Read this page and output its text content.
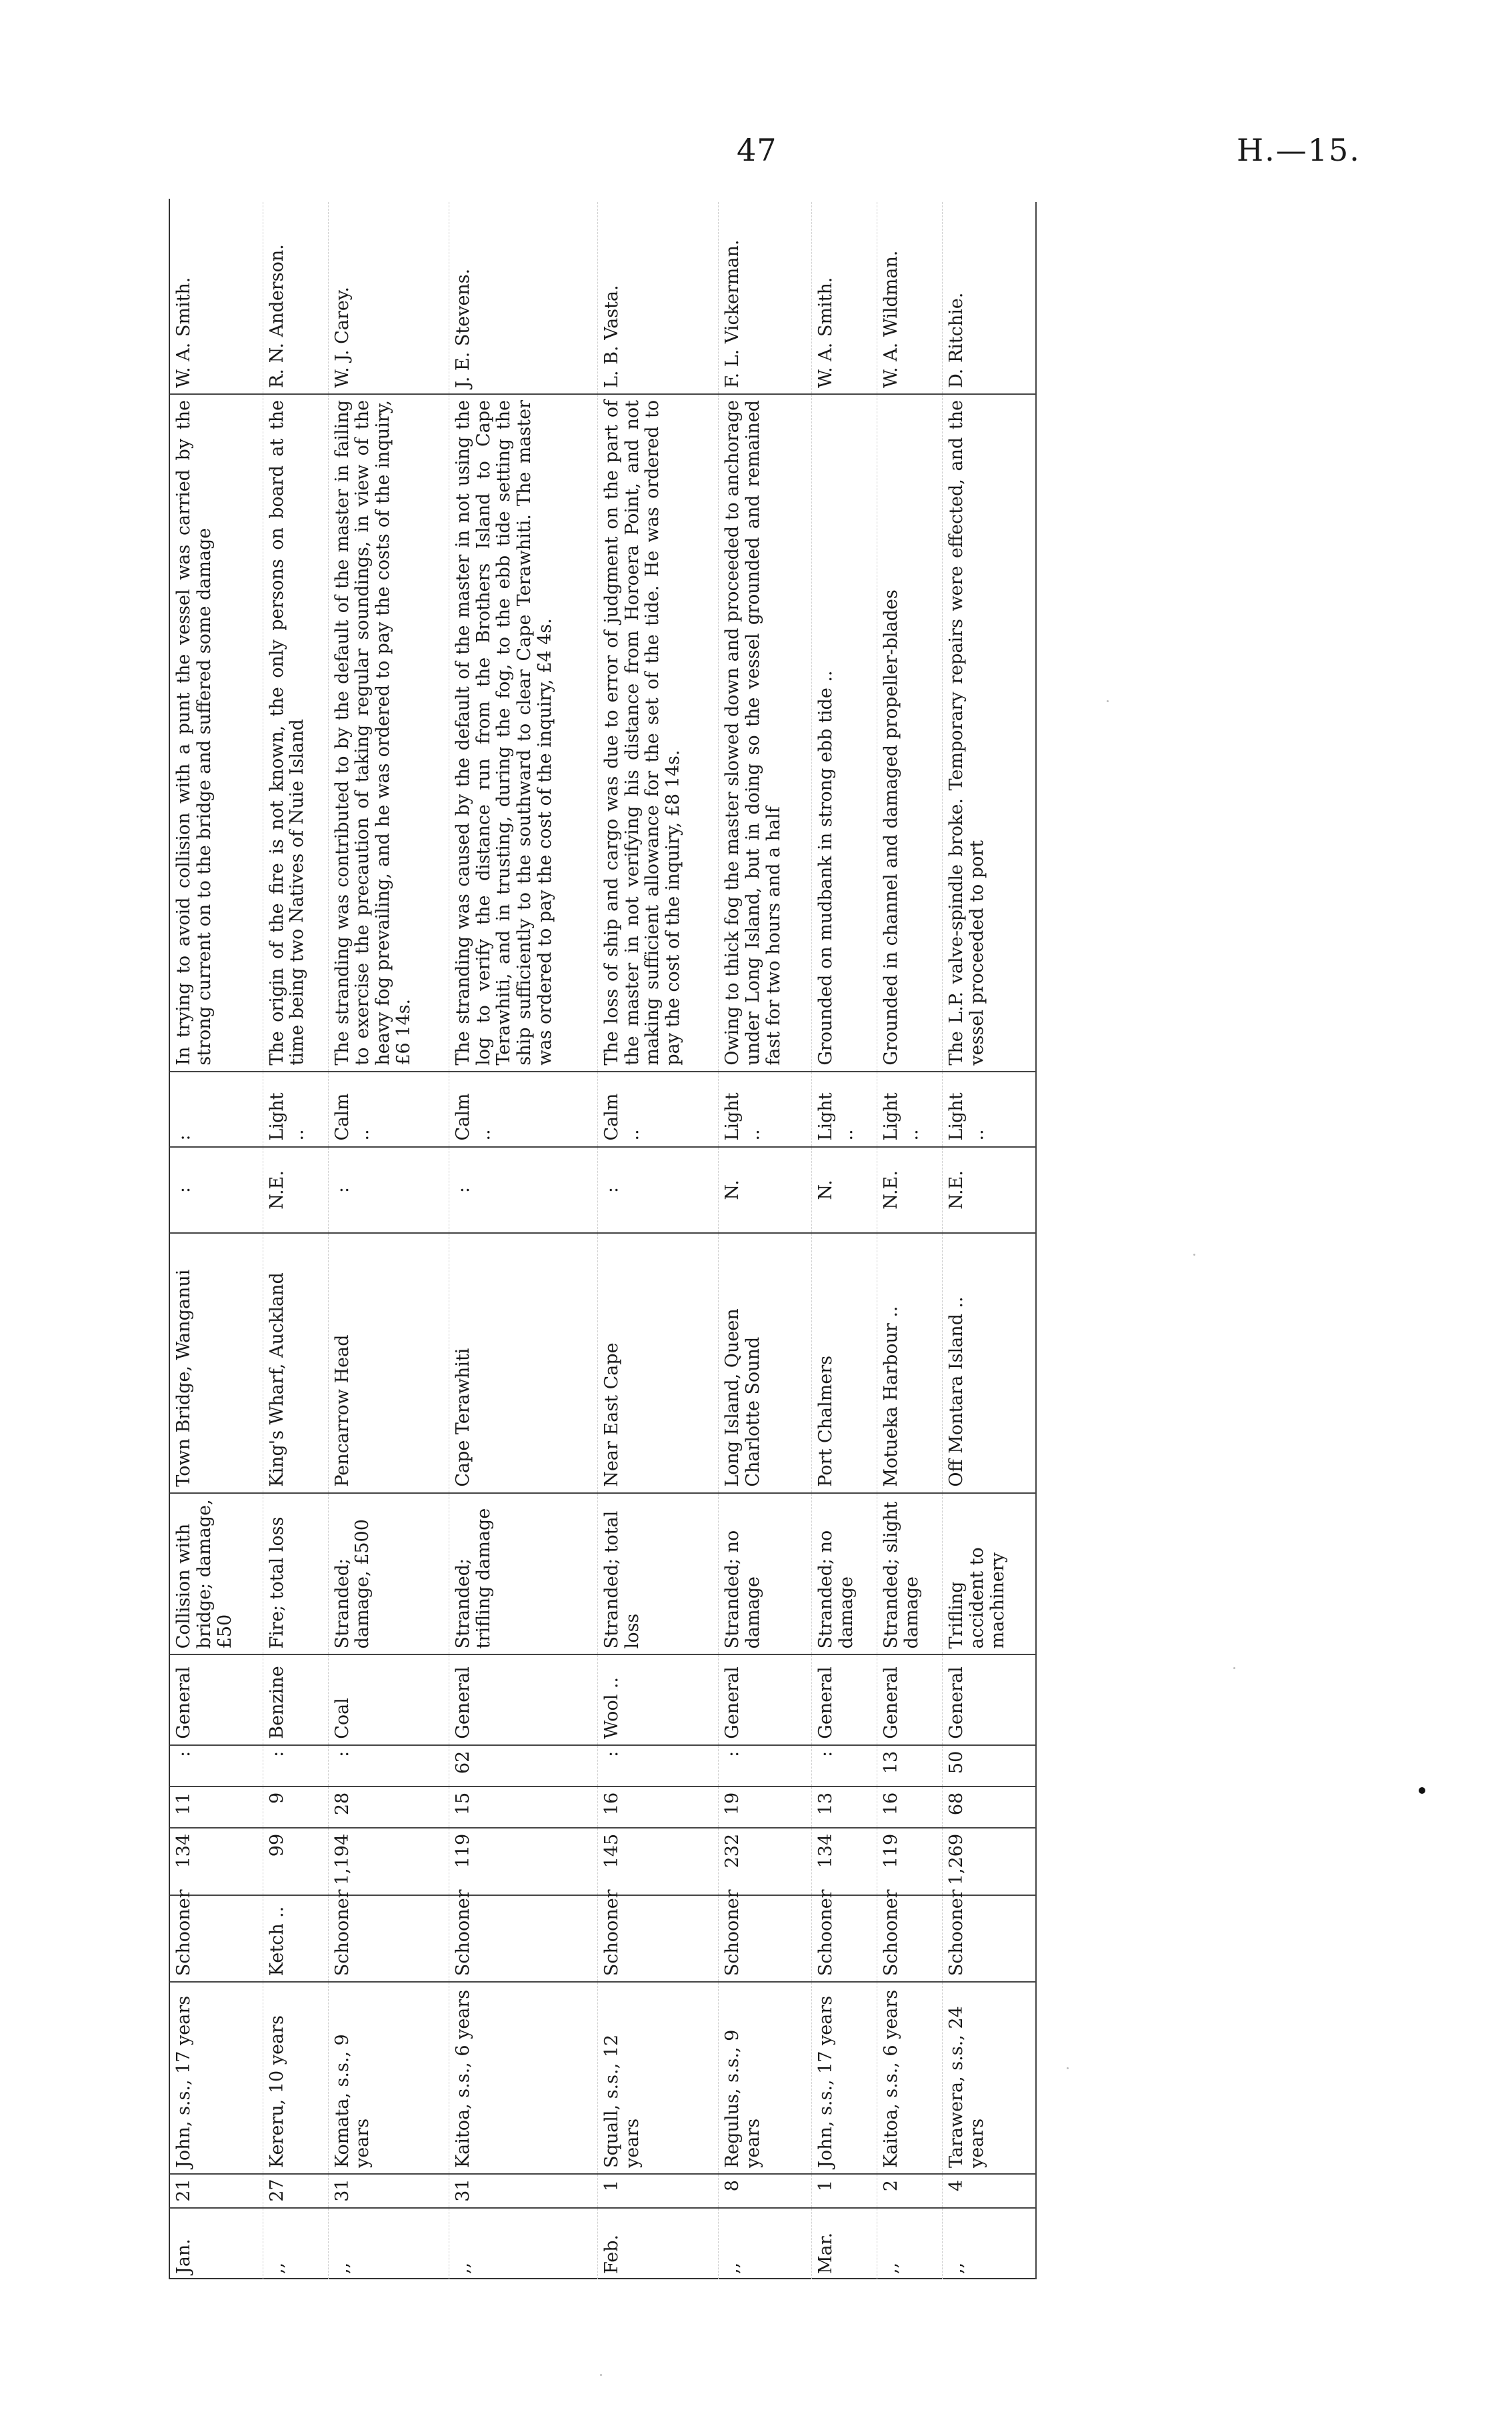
47	H.—15.
Jan.	21	John, s.s., 17 years	Schooner	134	11	:	General	Collision with bridge; damage, £50	Town Bridge, Wanganui	:	:	In trying to avoid collision with a punt the vessel was carried by the strong current on to the bridge and suffered some damage	W. A. Smith.
,,	27	Kereru, 10 years	Ketch ..	99	9	:	Benzine	Fire; total loss	King's Wharf, Auckland	N.E.	Light ..	The origin of the fire is not known, the only persons on board at the time being two Natives of Nuie Island	R. N. Anderson.
,,	31	Komata, s.s., 9 years	Schooner	1,194	28	:	Coal	Stranded; damage, £500	Pencarrow Head	:	Calm ..	The stranding was contributed to by the default of the master in failing to exercise the precaution of taking regular soundings, in view of the heavy fog prevailing, and he was ordered to pay the costs of the inquiry, £6 14s.	W. J. Carey.
,,	31	Kaitoa, s.s., 6 years	Schooner	119	15	62	General	Stranded; trifling damage	Cape Terawhiti	:	Calm ..	The stranding was caused by the default of the master in not using the log to verify the distance run from the Brothers Island to Cape Terawhiti, and in trusting, during the fog, to the ebb tide setting the ship sufficiently to the southward to clear Cape Terawhiti. The master was ordered to pay the cost of the inquiry, £4 4s.	J. E. Stevens.
Feb.	1	Squall, s.s., 12 years	Schooner	145	16	:	Wool ..	Stranded; total loss	Near East Cape	:	Calm ..	The loss of ship and cargo was due to error of judgment on the part of the master in not verifying his distance from Horoera Point, and not making sufficient allowance for the set of the tide. He was ordered to pay the cost of the inquiry, £8 14s.	L. B. Vasta.
,,	8	Regulus, s.s., 9 years	Schooner	232	19	:	General	Stranded; no damage	Long Island, Queen Charlotte Sound	N.	Light ..	Owing to thick fog the master slowed down and proceeded to anchorage under Long Island, but in doing so the vessel grounded and remained fast for two hours and a half	F. L. Vickerman.
Mar.	1	John, s.s., 17 years	Schooner	134	13	:	General	Stranded; no damage	Port Chalmers	N.	Light ..	Grounded on mudbank in strong ebb tide ..	W. A. Smith.
,,	2	Kaitoa, s.s., 6 years	Schooner	119	16	13	General	Stranded; slight damage	Motueka Harbour ..	N.E.	Light ..	Grounded in channel and damaged propeller-blades	W. A. Wildman.
,,	4	Tarawera, s.s., 24 years	Schooner	1,269	68	50	General	Trifling accident to machinery	Off Montara Island ..	N.E.	Light ..	The L.P. valve-spindle broke. Temporary repairs were effected, and the vessel proceeded to port	D. Ritchie.
